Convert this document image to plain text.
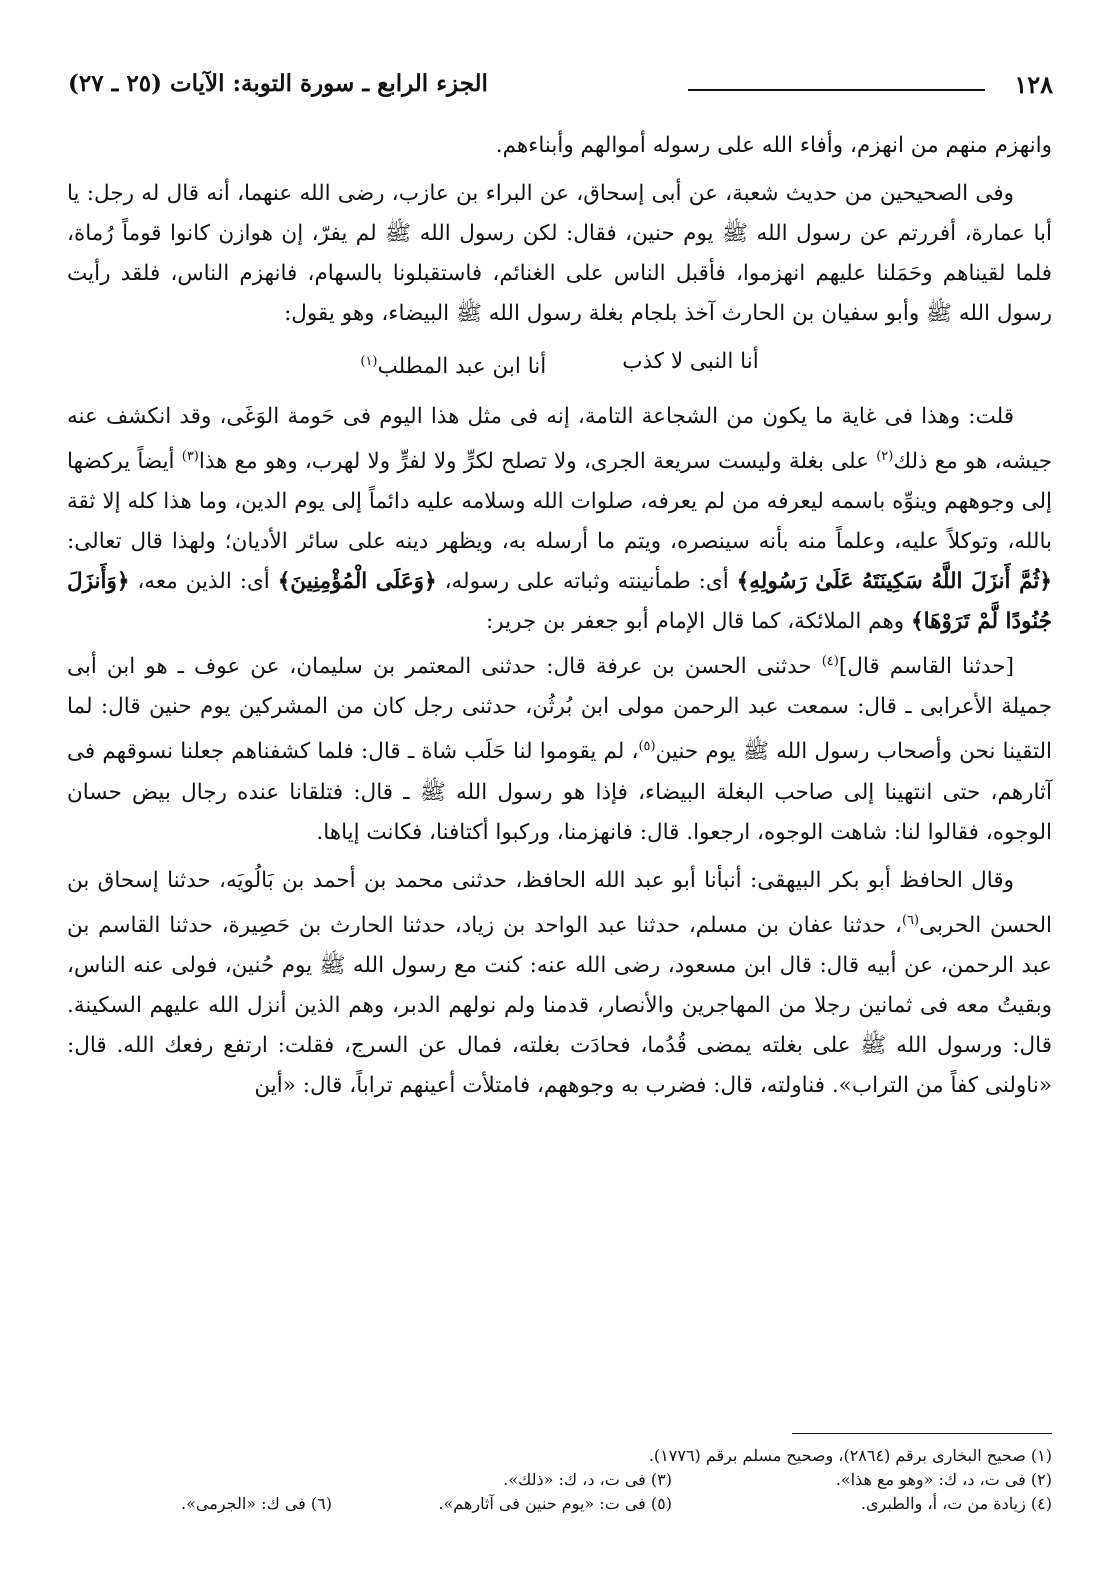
١٢٨
الجزء الرابع ـ سورة التوبة: الآيات (٢٥ ـ ٢٧)

وانهزم منهم من انهزم، وأفاء الله على رسوله أموالهم وأبناءهم.

وفى الصحيحين من حديث شعبة، عن أبى إسحاق، عن البراء بن عازب، رضى الله عنهما، أنه قال له رجل: يا أبا عمارة، أفررتم عن رسول الله ﷺ يوم حنين، فقال: لكن رسول الله ﷺ لم يفرّ، إن هوازن كانوا قوماً رُماة، فلما لقيناهم وحَمَلنا عليهم انهزموا، فأقبل الناس على الغنائم، فاستقبلونا بالسهام، فانهزم الناس، فلقد رأيت رسول الله ﷺ وأبو سفيان بن الحارث آخذ بلجام بغلة رسول الله ﷺ البيضاء، وهو يقول:

أنا النبى لا كذب
أنا ابن عبد المطلب$^{(١)}$

قلت: وهذا فى غاية ما يكون من الشجاعة التامة، إنه فى مثل هذا اليوم فى حَومة الوَغَى، وقد انكشف عنه جيشه، هو مع ذلك$^{(٢)}$ على بغلة وليست سريعة الجرى، ولا تصلح لكرٍّ ولا لفرٍّ ولا لهرب، وهو مع هذا$^{(٣)}$ أيضاً يركضها إلى وجوههم وينوِّه باسمه ليعرفه من لم يعرفه، صلوات الله وسلامه عليه دائماً إلى يوم الدين، وما هذا كله إلا ثقة بالله، وتوكلاً عليه، وعلماً منه بأنه سينصره، ويتم ما أرسله به، ويظهر دينه على سائر الأديان؛ ولهذا قال تعالى: ﴿ثُمَّ أَنزَلَ اللَّهُ سَكِينَتَهُ عَلَىٰ رَسُولِهِ﴾ أى: طمأنينته وثباته على رسوله، ﴿وَعَلَى الْمُؤْمِنِينَ﴾ أى: الذين معه، ﴿وَأَنزَلَ جُنُودًا لَّمْ تَرَوْهَا﴾ وهم الملائكة، كما قال الإمام أبو جعفر بن جرير:

[حدثنا القاسم قال]$^{(٤)}$ حدثنى الحسن بن عرفة قال: حدثنى المعتمر بن سليمان، عن عوف ـ هو ابن أبى جميلة الأعرابى ـ قال: سمعت عبد الرحمن مولى ابن بُرثُن، حدثنى رجل كان من المشركين يوم حنين قال: لما التقينا نحن وأصحاب رسول الله ﷺ يوم حنين$^{(٥)}$، لم يقوموا لنا حَلَب شاة ـ قال: فلما كشفناهم جعلنا نسوقهم فى آثارهم، حتى انتهينا إلى صاحب البغلة البيضاء، فإذا هو رسول الله ﷺ ـ قال: فتلقانا عنده رجال بيض حسان الوجوه، فقالوا لنا: شاهت الوجوه، ارجعوا. قال: فانهزمنا، وركبوا أكتافنا، فكانت إياها.

وقال الحافظ أبو بكر البيهقى: أنبأنا أبو عبد الله الحافظ، حدثنى محمد بن أحمد بن بَالُويَه، حدثنا إسحاق بن الحسن الحربى$^{(٦)}$، حدثنا عفان بن مسلم، حدثنا عبد الواحد بن زياد، حدثنا الحارث بن حَصِيرة، حدثنا القاسم بن عبد الرحمن، عن أبيه قال: قال ابن مسعود، رضى الله عنه: كنت مع رسول الله ﷺ يوم حُنين، فولى عنه الناس، وبقيتُ معه فى ثمانين رجلا من المهاجرين والأنصار، قدمنا ولم نولهم الدبر، وهم الذين أنزل الله عليهم السكينة. قال: ورسول الله ﷺ على بغلته يمضى قُدُما، فحادَت بغلته، فمال عن السرج، فقلت: ارتفع رفعك الله. قال: «ناولنى كفاً من التراب». فناولته، قال: فضرب به وجوههم، فامتلأت أعينهم تراباً، قال: «أين

(١) صحيح البخارى برقم (٢٨٦٤)، وصحيح مسلم برقم (١٧٧٦).
(٢) فى ت، د، ك: «وهو مع هذا».
(٣) فى ت، د، ك: «ذلك».
(٤) زيادة من ت، أ، والطبرى.
(٥) فى ت: «يوم حنين فى آثارهم».
(٦) فى ك: «الجرمى».
